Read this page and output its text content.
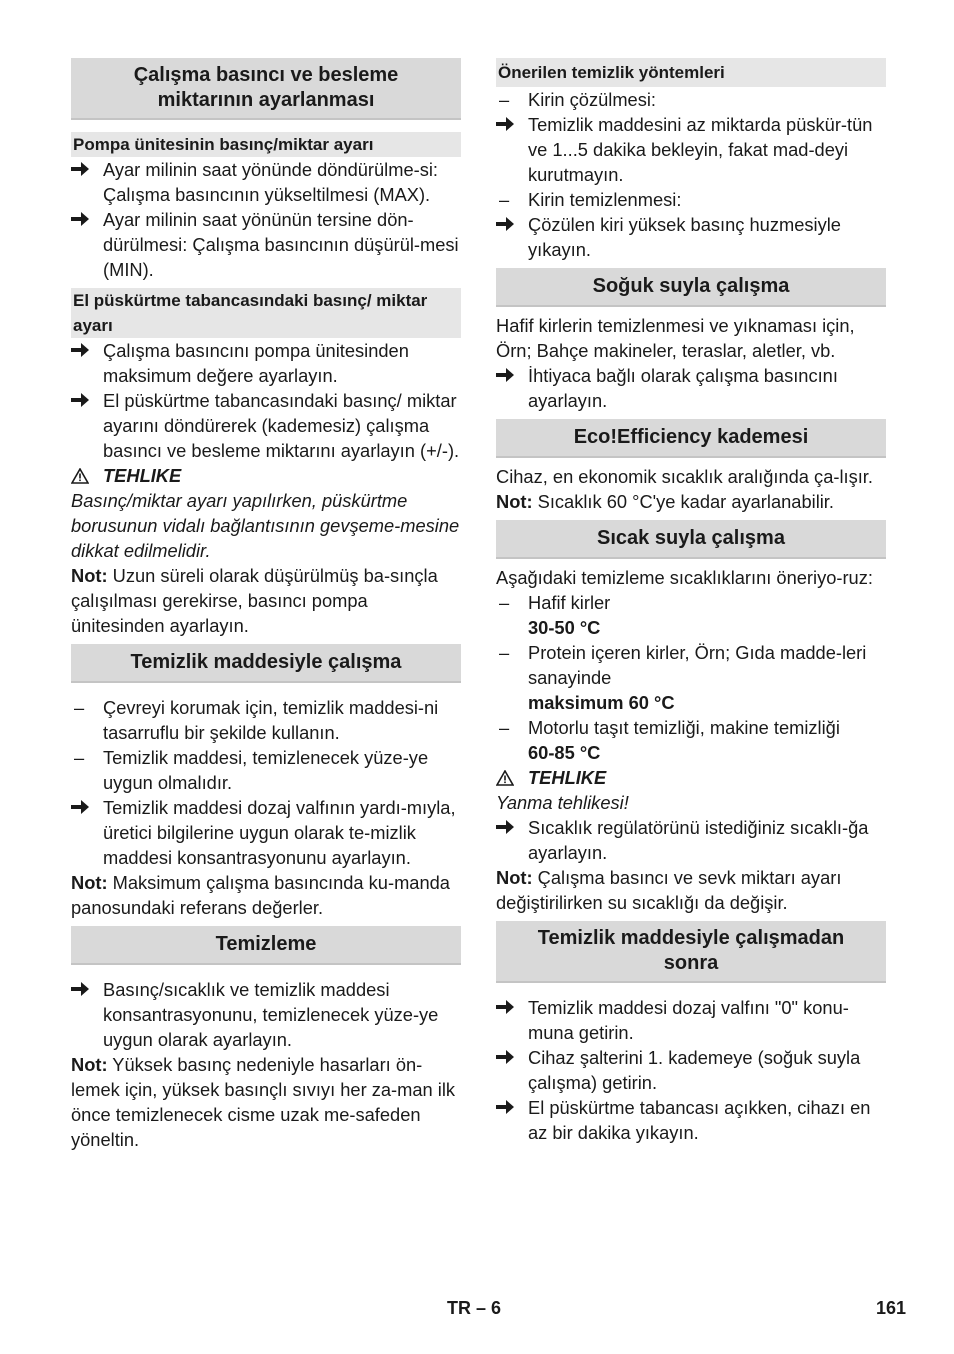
Çalışma basıncı ve besleme miktarının ayarlanması
Pompa ünitesinin basınç/miktar ayarı
Ayar milinin saat yönünde döndürülme-si: Çalışma basıncının yükseltilmesi (MAX).
Ayar milinin saat yönünün tersine dön-dürülmesi: Çalışma basıncının düşürül-mesi (MIN).
El püskürtme tabancasındaki basınç/ miktar ayarı
Çalışma basıncını pompa ünitesinden maksimum değere ayarlayın.
El püskürtme tabancasındaki basınç/ miktar ayarını döndürerek (kademesiz) çalışma basıncı ve besleme miktarını ayarlayın (+/-).
TEHLIKE

Basınç/miktar ayarı yapılırken, püskürtme borusunun vidalı bağlantısının gevşeme-mesine dikkat edilmelidir.

Not: Uzun süreli olarak düşürülmüş ba-sınçla çalışılması gerekirse, basıncı pompa ünitesinden ayarlayın.

Temizlik maddesiyle çalışma
–	Çevreyi korumak için, temizlik maddesi-ni tasarruflu bir şekilde kullanın.
–	Temizlik maddesi, temizlenecek yüze-ye uygun olmalıdır.
Temizlik maddesi dozaj valfının yardı-mıyla, üretici bilgilerine uygun olarak te-mizlik maddesi konsantrasyonunu ayarlayın.

Not: Maksimum çalışma basıncında ku-manda panosundaki referans değerler.

Temizleme
Basınç/sıcaklık ve temizlik maddesi konsantrasyonunu, temizlenecek yüze-ye uygun olarak ayarlayın.

Not: Yüksek basınç nedeniyle hasarları ön-lemek için, yüksek basınçlı sıvıyı her za-man ilk önce temizlenecek cisme uzak me-safeden yöneltin.

Önerilen temizlik yöntemleri
–	Kirin çözülmesi:
Temizlik maddesini az miktarda püskür-tün ve 1...5 dakika bekleyin, fakat mad-deyi kurutmayın.
–	Kirin temizlenmesi:
Çözülen kiri yüksek basınç huzmesiyle yıkayın.
Soğuk suyla çalışma

Hafif kirlerin temizlenmesi ve yıknaması için, Örn; Bahçe makineler, teraslar, aletler, vb.

İhtiyaca bağlı olarak çalışma basıncını ayarlayın.
Eco!Efficiency kademesi

Cihaz, en ekonomik sıcaklık aralığında ça-lışır.

Not: Sıcaklık 60 °C'ye kadar ayarlanabilir.

Sıcak suyla çalışma

Aşağıdaki temizleme sıcaklıklarını öneriyo-ruz:

–	Hafif kirler
30-50 °C
–	Protein içeren kirler, Örn; Gıda madde-leri sanayinde
maksimum 60 °C
–	Motorlu taşıt temizliği, makine temizliği
60-85 °C
TEHLIKE

Yanma tehlikesi!

Sıcaklık regülatörünü istediğiniz sıcaklı-ğa ayarlayın.

Not: Çalışma basıncı ve sevk miktarı ayarı değiştirilirken su sıcaklığı da değişir.

Temizlik maddesiyle çalışmadan sonra
Temizlik maddesi dozaj valfını "0" konu-muna getirin.
Cihaz şalterini 1. kademeye (soğuk suyla çalışma) getirin.
El püskürtme tabancası açıkken, cihazı en az bir dakika yıkayın.
TR – 6	161
